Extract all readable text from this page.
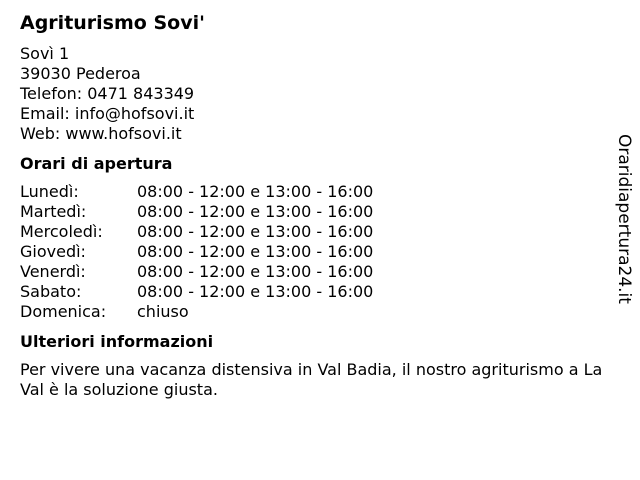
Agriturismo Sovi'
Sovì 1
39030 Pederoa
Telefon: 0471 843349
Email: info@hofsovi.it
Web: www.hofsovi.it
Orari di apertura
Lunedì:	08:00 - 12:00 e 13:00 - 16:00
Martedì:	08:00 - 12:00 e 13:00 - 16:00
Mercoledì: 08:00 - 12:00 e 13:00 - 16:00
Giovedì:	08:00 - 12:00 e 13:00 - 16:00
Venerdì:	08:00 - 12:00 e 13:00 - 16:00
Sabato:	08:00 - 12:00 e 13:00 - 16:00
Domenica: chiuso
Ulteriori informazioni
Per vivere una vacanza distensiva in Val Badia, il nostro agriturismo a La Val è la soluzione giusta.
Oraridiapertura24.it
